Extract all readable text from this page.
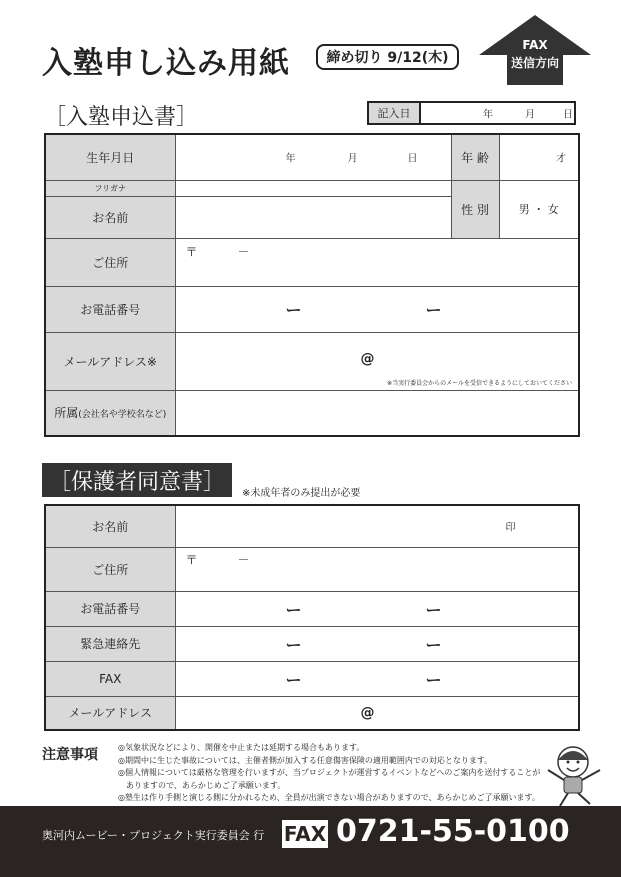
入塾申し込み用紙	締め切り 9/12(木)
FAX
送信方向
［入塾申込書］	記入日	年	月	日
生年月日	年 月 日	年 齢	才

フリガナ		性 別	男 ・ 女
お名前			
ご住所	〒 －		

お電話番号	ー ー		

メールアドレス※	@
※当実行委員会からのメールを受信できるようにしておいてください		

所属(会社名や学校名など)			
［保護者同意書］	※未成年者のみ提出が必要
お名前	印

ご住所	〒 －

お電話番号	ー ー

緊急連絡先	ー ー

FAX	ー ー

メールアドレス	@
注意事項	◎気象状況などにより、開催を中止または延期する場合もあります。
◎期間中に生じた事故については、主催者側が加入する任意傷害保険の適用範囲内での対応となります。
◎個人情報については厳格な管理を行いますが、当プロジェクトが運営するイベントなどへのご案内を送付することが
　ありますので、あらかじめご了承願います。
◎塾生は作り手側と演じる側に分かれるため、全員が出演できない場合がありますので、あらかじめご了承願います。
奥河内ムービー・プロジェクト実行委員会 行 FAX 0721-55-0100
